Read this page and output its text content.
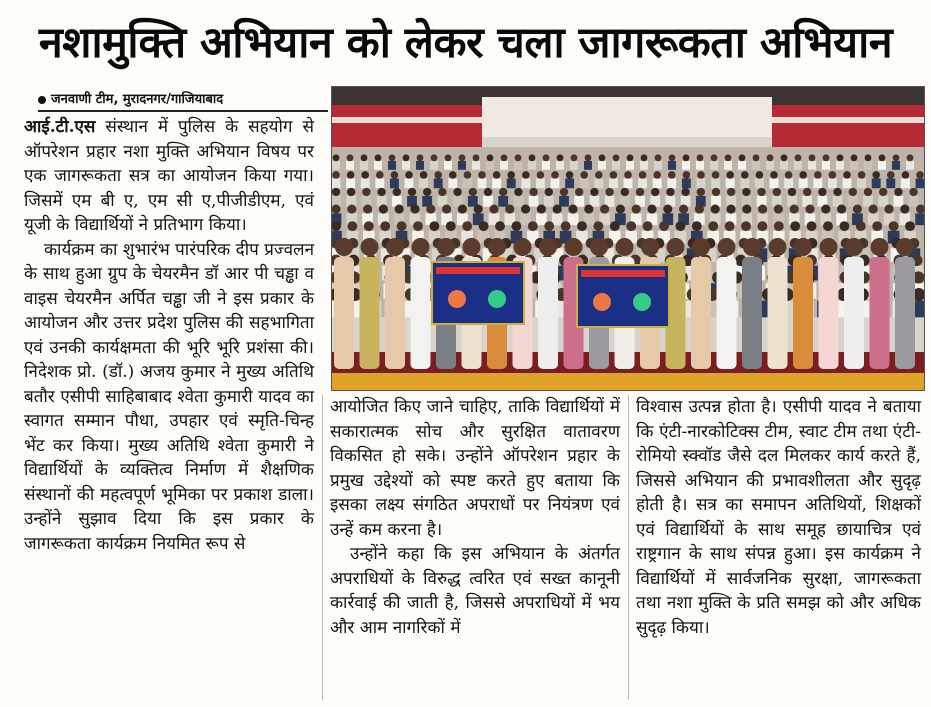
नशामुक्ति अभियान को लेकर चला जागरूकता अभियान
जनवाणी टीम, मुरादनगर/गाजियाबाद

आई.टी.एस संस्थान में पुलिस के सहयोग से ऑपरेशन प्रहार नशा मुक्ति अभियान विषय पर एक जागरूकता सत्र का आयोजन किया गया।जिसमें एम बी ए, एम सी ए,पीजीडीएम, एवं यूजी के विद्यार्थियों ने प्रतिभाग किया।

कार्यक्रम का शुभारंभ पारंपरिक दीप प्रज्वलन के साथ हुआ ग्रुप के चेयरमैन डॉ आर पी चड्ढा व वाइस चेयरमैन अर्पित चड्ढा जी ने इस प्रकार के आयोजन और उत्तर प्रदेश पुलिस की सहभागिता एवं उनकी कार्यक्षमता की भूरि भूरि प्रशंसा की। निदेशक प्रो. (डॉ.) अजय कुमार ने मुख्य अतिथि बतौर एसीपी साहिबाबाद श्वेता कुमारी यादव का स्वागत सम्मान पौधा, उपहार एवं स्मृति-चिन्ह भेंट कर किया। मुख्य अतिथि श्वेता कुमारी ने विद्यार्थियों के व्यक्तित्व निर्माण में शैक्षणिक संस्थानों की महत्वपूर्ण भूमिका पर प्रकाश डाला। उन्होंने सुझाव दिया कि इस प्रकार के जागरूकता कार्यक्रम नियमित रूप से

आयोजित किए जाने चाहिए, ताकि विद्यार्थियों में सकारात्मक सोच और सुरक्षित वातावरण विकसित हो सके। उन्होंने ऑपरेशन प्रहार के प्रमुख उद्देश्यों को स्पष्ट करते हुए बताया कि इसका लक्ष्य संगठित अपराधों पर नियंत्रण एवं उन्हें कम करना है।

उन्होंने कहा कि इस अभियान के अंतर्गत अपराधियों के विरुद्ध त्वरित एवं सख्त कानूनी कार्रवाई की जाती है, जिससे अपराधियों में भय और आम नागरिकों में

विश्वास उत्पन्न होता है। एसीपी यादव ने बताया कि एंटी-नारकोटिक्स टीम, स्वाट टीम तथा एंटी-रोमियो स्क्वॉड जैसे दल मिलकर कार्य करते हैं, जिससे अभियान की प्रभावशीलता और सुदृढ़ होती है। सत्र का समापन अतिथियों, शिक्षकों एवं विद्यार्थियों के साथ समूह छायाचित्र एवं राष्ट्रगान के साथ संपन्न हुआ। इस कार्यक्रम ने विद्यार्थियों में सार्वजनिक सुरक्षा, जागरूकता तथा नशा मुक्ति के प्रति समझ को और अधिक सुदृढ़ किया।
